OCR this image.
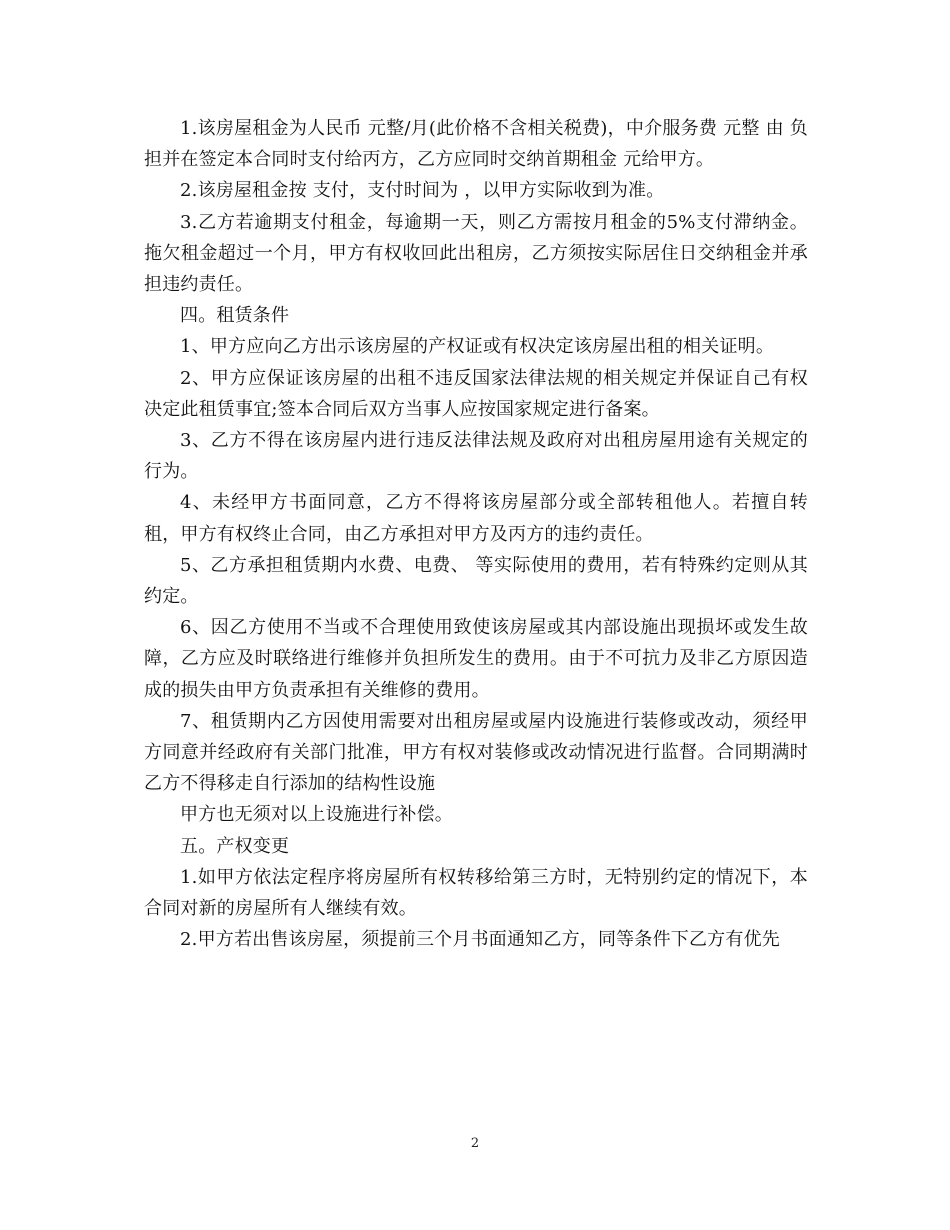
1.该房屋租金为人民币 元整/月(此价格不含相关税费)，中介服务费 元整 由 负担并在签定本合同时支付给丙方，乙方应同时交纳首期租金 元给甲方。

2.该房屋租金按 支付，支付时间为 ，以甲方实际收到为准。

3.乙方若逾期支付租金，每逾期一天，则乙方需按月租金的5%支付滞纳金。拖欠租金超过一个月，甲方有权收回此出租房，乙方须按实际居住日交纳租金并承担违约责任。

四。租赁条件

1、甲方应向乙方出示该房屋的产权证或有权决定该房屋出租的相关证明。

2、甲方应保证该房屋的出租不违反国家法律法规的相关规定并保证自己有权决定此租赁事宜;签本合同后双方当事人应按国家规定进行备案。

3、乙方不得在该房屋内进行违反法律法规及政府对出租房屋用途有关规定的行为。

4、未经甲方书面同意，乙方不得将该房屋部分或全部转租他人。若擅自转租，甲方有权终止合同，由乙方承担对甲方及丙方的违约责任。

5、乙方承担租赁期内水费、电费、 等实际使用的费用，若有特殊约定则从其约定。

6、因乙方使用不当或不合理使用致使该房屋或其内部设施出现损坏或发生故障，乙方应及时联络进行维修并负担所发生的费用。由于不可抗力及非乙方原因造成的损失由甲方负责承担有关维修的费用。

7、租赁期内乙方因使用需要对出租房屋或屋内设施进行装修或改动，须经甲方同意并经政府有关部门批准，甲方有权对装修或改动情况进行监督。合同期满时乙方不得移走自行添加的结构性设施

甲方也无须对以上设施进行补偿。

五。产权变更

1.如甲方依法定程序将房屋所有权转移给第三方时，无特别约定的情况下，本合同对新的房屋所有人继续有效。

2.甲方若出售该房屋，须提前三个月书面通知乙方，同等条件下乙方有优先

2
